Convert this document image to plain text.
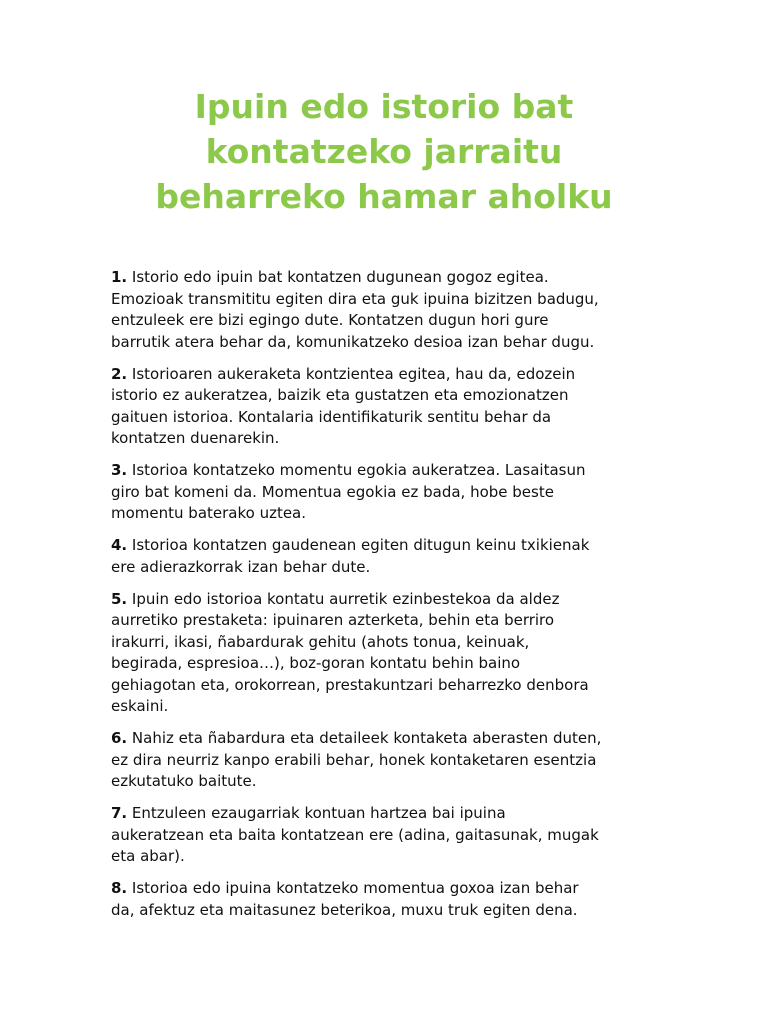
Ipuin edo istorio bat
kontatzeko jarraitu
beharreko hamar aholku

1. Istorio edo ipuin bat kontatzen dugunean gogoz egitea.
Emozioak transmititu egiten dira eta guk ipuina bizitzen badugu,
entzuleek ere bizi egingo dute. Kontatzen dugun hori gure
barrutik atera behar da, komunikatzeko desioa izan behar dugu.

2. Istorioaren aukeraketa kontzientea egitea, hau da, edozein
istorio ez aukeratzea, baizik eta gustatzen eta emozionatzen
gaituen istorioa. Kontalaria identifikaturik sentitu behar da
kontatzen duenarekin.

3. Istorioa kontatzeko momentu egokia aukeratzea. Lasaitasun
giro bat komeni da. Momentua egokia ez bada, hobe beste
momentu baterako uztea.

4. Istorioa kontatzen gaudenean egiten ditugun keinu txikienak
ere adierazkorrak izan behar dute.

5. Ipuin edo istorioa kontatu aurretik ezinbestekoa da aldez
aurretiko prestaketa: ipuinaren azterketa, behin eta berriro
irakurri, ikasi, ñabardurak gehitu (ahots tonua, keinuak,
begirada, espresioa…), boz-goran kontatu behin baino
gehiagotan eta, orokorrean, prestakuntzari beharrezko denbora
eskaini.

6. Nahiz eta ñabardura eta detaileek kontaketa aberasten duten,
ez dira neurriz kanpo erabili behar, honek kontaketaren esentzia
ezkutatuko baitute.

7. Entzuleen ezaugarriak kontuan hartzea bai ipuina
aukeratzean eta baita kontatzean ere (adina, gaitasunak, mugak
eta abar).

8. Istorioa edo ipuina kontatzeko momentua goxoa izan behar
da, afektuz eta maitasunez beterikoa, muxu truk egiten dena.
